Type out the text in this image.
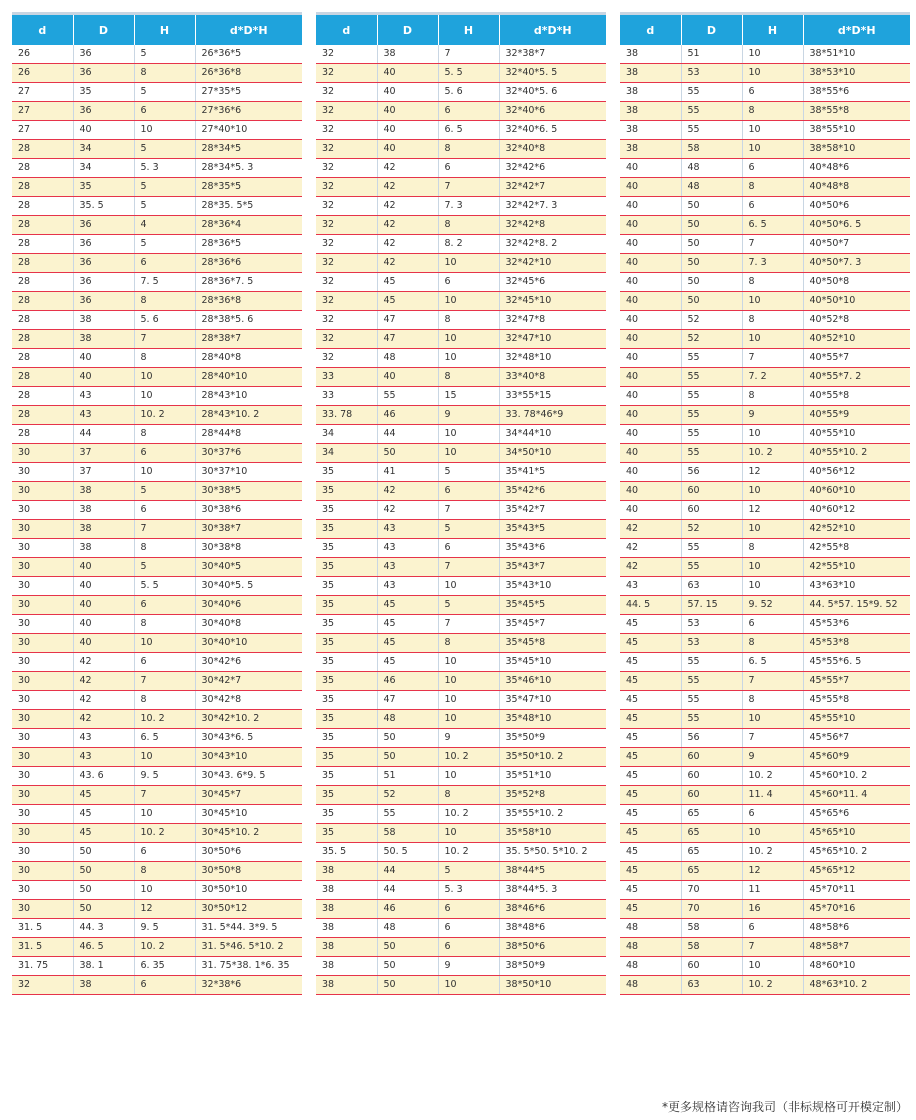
d	D	H	d*D*H
26	36	5	26*36*5
26	36	8	26*36*8
27	35	5	27*35*5
27	36	6	27*36*6
27	40	10	27*40*10
28	34	5	28*34*5
28	34	5. 3	28*34*5. 3
28	35	5	28*35*5
28	35. 5	5	28*35. 5*5
28	36	4	28*36*4
28	36	5	28*36*5
28	36	6	28*36*6
28	36	7. 5	28*36*7. 5
28	36	8	28*36*8
28	38	5. 6	28*38*5. 6
28	38	7	28*38*7
28	40	8	28*40*8
28	40	10	28*40*10
28	43	10	28*43*10
28	43	10. 2	28*43*10. 2
28	44	8	28*44*8
30	37	6	30*37*6
30	37	10	30*37*10
30	38	5	30*38*5
30	38	6	30*38*6
30	38	7	30*38*7
30	38	8	30*38*8
30	40	5	30*40*5
30	40	5. 5	30*40*5. 5
30	40	6	30*40*6
30	40	8	30*40*8
30	40	10	30*40*10
30	42	6	30*42*6
30	42	7	30*42*7
30	42	8	30*42*8
30	42	10. 2	30*42*10. 2
30	43	6. 5	30*43*6. 5
30	43	10	30*43*10
30	43. 6	9. 5	30*43. 6*9. 5
30	45	7	30*45*7
30	45	10	30*45*10
30	45	10. 2	30*45*10. 2
30	50	6	30*50*6
30	50	8	30*50*8
30	50	10	30*50*10
30	50	12	30*50*12
31. 5	44. 3	9. 5	31. 5*44. 3*9. 5
31. 5	46. 5	10. 2	31. 5*46. 5*10. 2
31. 75	38. 1	6. 35	31. 75*38. 1*6. 35
32	38	6	32*38*6
d	D	H	d*D*H
32	38	7	32*38*7
32	40	5. 5	32*40*5. 5
32	40	5. 6	32*40*5. 6
32	40	6	32*40*6
32	40	6. 5	32*40*6. 5
32	40	8	32*40*8
32	42	6	32*42*6
32	42	7	32*42*7
32	42	7. 3	32*42*7. 3
32	42	8	32*42*8
32	42	8. 2	32*42*8. 2
32	42	10	32*42*10
32	45	6	32*45*6
32	45	10	32*45*10
32	47	8	32*47*8
32	47	10	32*47*10
32	48	10	32*48*10
33	40	8	33*40*8
33	55	15	33*55*15
33. 78	46	9	33. 78*46*9
34	44	10	34*44*10
34	50	10	34*50*10
35	41	5	35*41*5
35	42	6	35*42*6
35	42	7	35*42*7
35	43	5	35*43*5
35	43	6	35*43*6
35	43	7	35*43*7
35	43	10	35*43*10
35	45	5	35*45*5
35	45	7	35*45*7
35	45	8	35*45*8
35	45	10	35*45*10
35	46	10	35*46*10
35	47	10	35*47*10
35	48	10	35*48*10
35	50	9	35*50*9
35	50	10. 2	35*50*10. 2
35	51	10	35*51*10
35	52	8	35*52*8
35	55	10. 2	35*55*10. 2
35	58	10	35*58*10
35. 5	50. 5	10. 2	35. 5*50. 5*10. 2
38	44	5	38*44*5
38	44	5. 3	38*44*5. 3
38	46	6	38*46*6
38	48	6	38*48*6
38	50	6	38*50*6
38	50	9	38*50*9
38	50	10	38*50*10
d	D	H	d*D*H
38	51	10	38*51*10
38	53	10	38*53*10
38	55	6	38*55*6
38	55	8	38*55*8
38	55	10	38*55*10
38	58	10	38*58*10
40	48	6	40*48*6
40	48	8	40*48*8
40	50	6	40*50*6
40	50	6. 5	40*50*6. 5
40	50	7	40*50*7
40	50	7. 3	40*50*7. 3
40	50	8	40*50*8
40	50	10	40*50*10
40	52	8	40*52*8
40	52	10	40*52*10
40	55	7	40*55*7
40	55	7. 2	40*55*7. 2
40	55	8	40*55*8
40	55	9	40*55*9
40	55	10	40*55*10
40	55	10. 2	40*55*10. 2
40	56	12	40*56*12
40	60	10	40*60*10
40	60	12	40*60*12
42	52	10	42*52*10
42	55	8	42*55*8
42	55	10	42*55*10
43	63	10	43*63*10
44. 5	57. 15	9. 52	44. 5*57. 15*9. 52
45	53	6	45*53*6
45	53	8	45*53*8
45	55	6. 5	45*55*6. 5
45	55	7	45*55*7
45	55	8	45*55*8
45	55	10	45*55*10
45	56	7	45*56*7
45	60	9	45*60*9
45	60	10. 2	45*60*10. 2
45	60	11. 4	45*60*11. 4
45	65	6	45*65*6
45	65	10	45*65*10
45	65	10. 2	45*65*10. 2
45	65	12	45*65*12
45	70	11	45*70*11
45	70	16	45*70*16
48	58	6	48*58*6
48	58	7	48*58*7
48	60	10	48*60*10
48	63	10. 2	48*63*10. 2
*更多规格请咨询我司（非标规格可开模定制）
